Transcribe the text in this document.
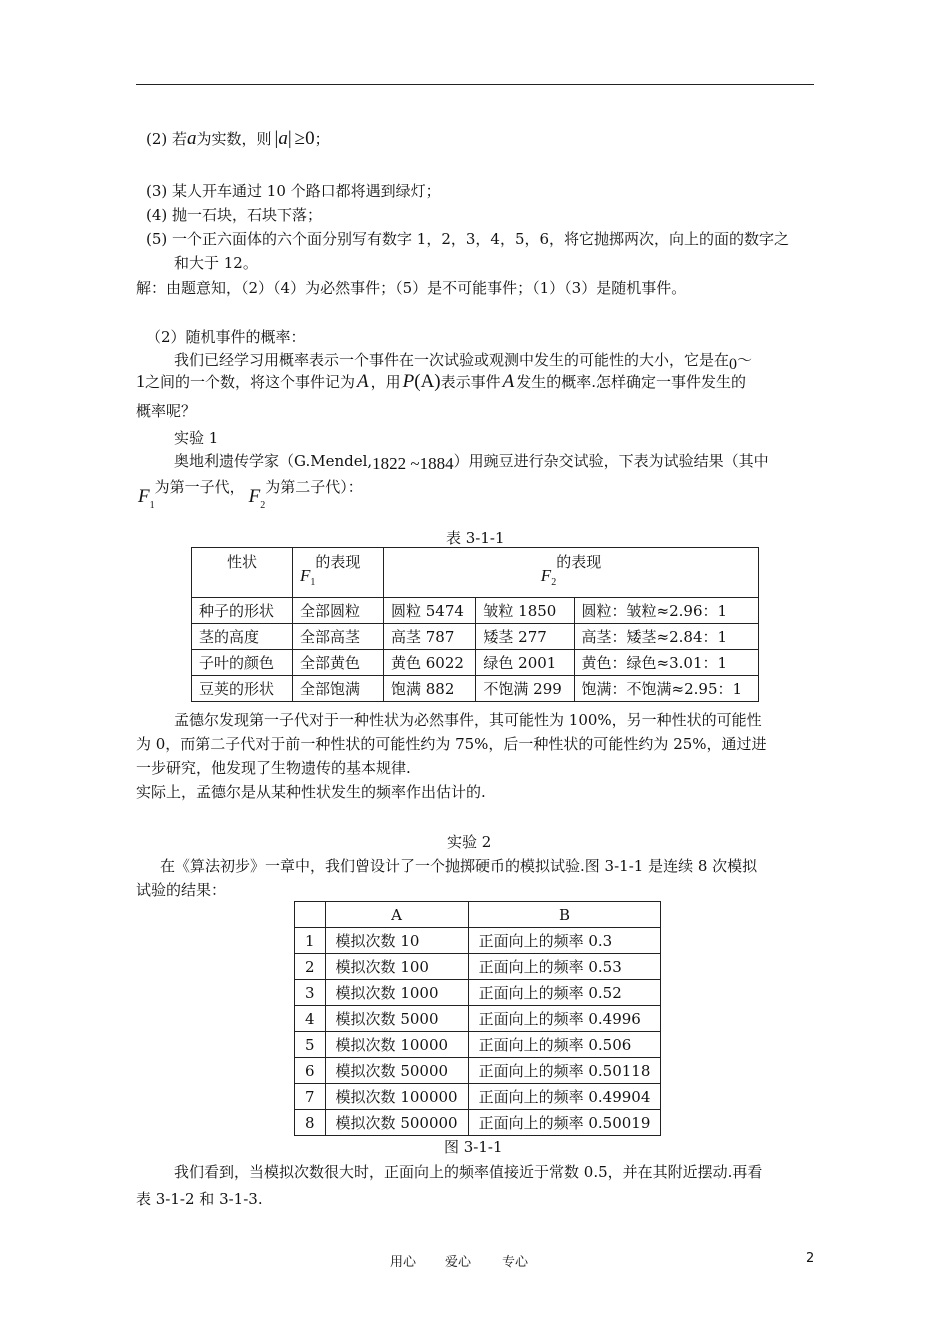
(2) 若a为实数，则 |a| ≥0；
(3) 某人开车通过 10 个路口都将遇到绿灯；
(4) 抛一石块，石块下落；
(5) 一个正六面体的六个面分别写有数字 1，2，3，4，5，6，将它抛掷两次，向上的面的数字之
和大于 12。
解：由题意知，（2）（4）为必然事件；（5）是不可能事件；（1）（3）是随机事件。
（2）随机事件的概率：
我们已经学习用概率表示一个事件在一次试验或观测中发生的可能性的大小，它是在0～
1之间的一个数，将这个事件记为 A ，用 P(A)表示事件 A 发生的概率.怎样确定一事件发生的
概率呢？
实验 1
奥地利遗传学家（G.Mendel,1822 ~1884）用豌豆进行杂交试验，下表为试验结果（其中
$F_1$为第一子代， $F_2$为第二子代）：
表 3-1-1
性状	$F_1$的表现	$F_2$的表现		
种子的形状	全部圆粒	圆粒 5474	皱粒 1850	圆粒：皱粒≈2.96：1
茎的高度	全部高茎	高茎 787	矮茎 277	高茎：矮茎≈2.84：1
子叶的颜色	全部黄色	黄色 6022	绿色 2001	黄色：绿色≈3.01：1
豆荚的形状	全部饱满	饱满 882	不饱满 299	饱满：不饱满≈2.95：1
孟德尔发现第一子代对于一种性状为必然事件，其可能性为 100%，另一种性状的可能性
为 0，而第二子代对于前一种性状的可能性约为 75%，后一种性状的可能性约为 25%，通过进
一步研究，他发现了生物遗传的基本规律.
实际上，孟德尔是从某种性状发生的频率作出估计的.
实验 2
在《算法初步》一章中，我们曾设计了一个抛掷硬币的模拟试验.图 3-1-1 是连续 8 次模拟
试验的结果：
	A	B
1	模拟次数 10	正面向上的频率 0.3
2	模拟次数 100	正面向上的频率 0.53
3	模拟次数 1000	正面向上的频率 0.52
4	模拟次数 5000	正面向上的频率 0.4996
5	模拟次数 10000	正面向上的频率 0.506
6	模拟次数 50000	正面向上的频率 0.50118
7	模拟次数 100000	正面向上的频率 0.49904
8	模拟次数 500000	正面向上的频率 0.50019
图 3-1-1
我们看到，当模拟次数很大时，正面向上的频率值接近于常数 0.5，并在其附近摆动.再看
表 3-1-2 和 3-1-3.
用心 爱心 专心	2
